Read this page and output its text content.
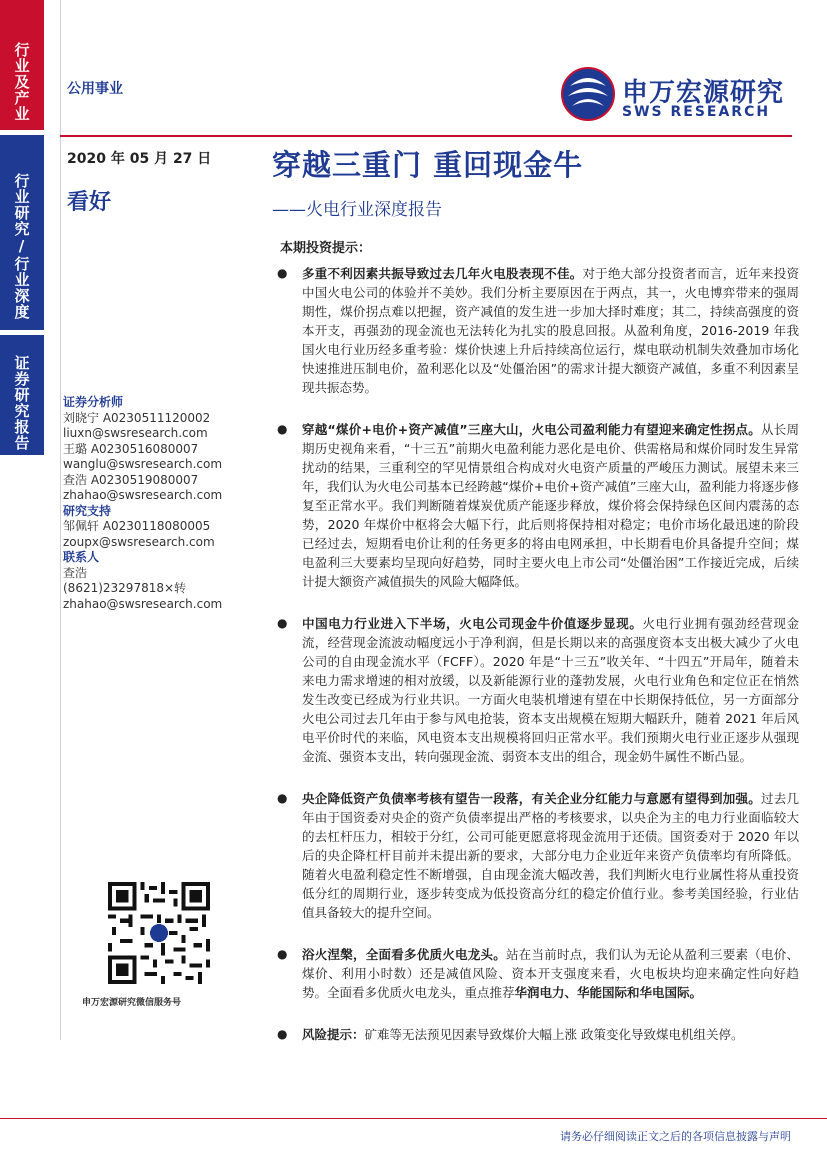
行业及产业
行业研究/行业深度
证券研究报告
公用事业	申万宏源研究
SWS RESEARCH
2020 年 05 月 27 日
看好
穿越三重门 重回现金牛
——火电行业深度报告
证券分析师
刘晓宁 A0230511120002
liuxn@swsresearch.com
王璐 A0230516080007
wanglu@swsresearch.com
查浩 A0230519080007
zhahao@swsresearch.com
研究支持
邹佩轩 A0230118080005
zoupx@swsresearch.com
联系人
查浩
(8621)23297818×转
zhahao@swsresearch.com
申万宏源研究微信服务号
本期投资提示：
● 多重不利因素共振导致过去几年火电股表现不佳。对于绝大部分投资者而言，近年来投资中国火电公司的体验并不美妙。我们分析主要原因在于两点，其一，火电博弈带来的强周期性，煤价拐点难以把握，资产减值的发生进一步加大择时难度；其二，持续高强度的资本开支，再强劲的现金流也无法转化为扎实的股息回报。从盈利角度，2016-2019 年我国火电行业历经多重考验：煤价快速上升后持续高位运行，煤电联动机制失效叠加市场化快速推进压制电价，盈利恶化以及“处僵治困”的需求计提大额资产减值，多重不利因素呈现共振态势。
● 穿越“煤价+电价+资产减值”三座大山，火电公司盈利能力有望迎来确定性拐点。从长周期历史视角来看，“十三五”前期火电盈利能力恶化是电价、供需格局和煤价同时发生异常扰动的结果，三重利空的罕见情景组合构成对火电资产质量的严峻压力测试。展望未来三年，我们认为火电公司基本已经跨越“煤价+电价+资产减值”三座大山，盈利能力将逐步修复至正常水平。我们判断随着煤炭优质产能逐步释放，煤价将会保持绿色区间内震荡的态势，2020 年煤价中枢将会大幅下行，此后则将保持相对稳定；电价市场化最迅速的阶段已经过去，短期看电价让利的任务更多的将由电网承担，中长期看电价具备提升空间；煤电盈利三大要素均呈现向好趋势，同时主要火电上市公司“处僵治困”工作接近完成，后续计提大额资产减值损失的风险大幅降低。
● 中国电力行业进入下半场，火电公司现金牛价值逐步显现。火电行业拥有强劲经营现金流，经营现金流波动幅度远小于净利润，但是长期以来的高强度资本支出极大减少了火电公司的自由现金流水平（FCFF）。2020 年是“十三五”收关年、“十四五”开局年，随着未来电力需求增速的相对放缓，以及新能源行业的蓬勃发展，火电行业角色和定位正在悄然发生改变已经成为行业共识。一方面火电装机增速有望在中长期保持低位，另一方面部分火电公司过去几年由于参与风电抢装，资本支出规模在短期大幅跃升，随着 2021 年后风电平价时代的来临，风电资本支出规模将回归正常水平。我们预期火电行业正逐步从强现金流、强资本支出，转向强现金流、弱资本支出的组合，现金奶牛属性不断凸显。
● 央企降低资产负债率考核有望告一段落，有关企业分红能力与意愿有望得到加强。过去几年由于国资委对央企的资产负债率提出严格的考核要求，以央企为主的电力行业面临较大的去杠杆压力，相较于分红，公司可能更愿意将现金流用于还债。国资委对于 2020 年以后的央企降杠杆目前并未提出新的要求，大部分电力企业近年来资产负债率均有所降低。随着火电盈利稳定性不断增强，自由现金流大幅改善，我们判断火电行业属性将从重投资低分红的周期行业，逐步转变成为低投资高分红的稳定价值行业。参考美国经验，行业估值具备较大的提升空间。
● 浴火涅槃，全面看多优质火电龙头。站在当前时点，我们认为无论从盈利三要素（电价、煤价、利用小时数）还是减值风险、资本开支强度来看，火电板块均迎来确定性向好趋势。全面看多优质火电龙头，重点推荐华润电力、华能国际和华电国际。
● 风险提示：矿难等无法预见因素导致煤价大幅上涨 政策变化导致煤电机组关停。
请务必仔细阅读正文之后的各项信息披露与声明
